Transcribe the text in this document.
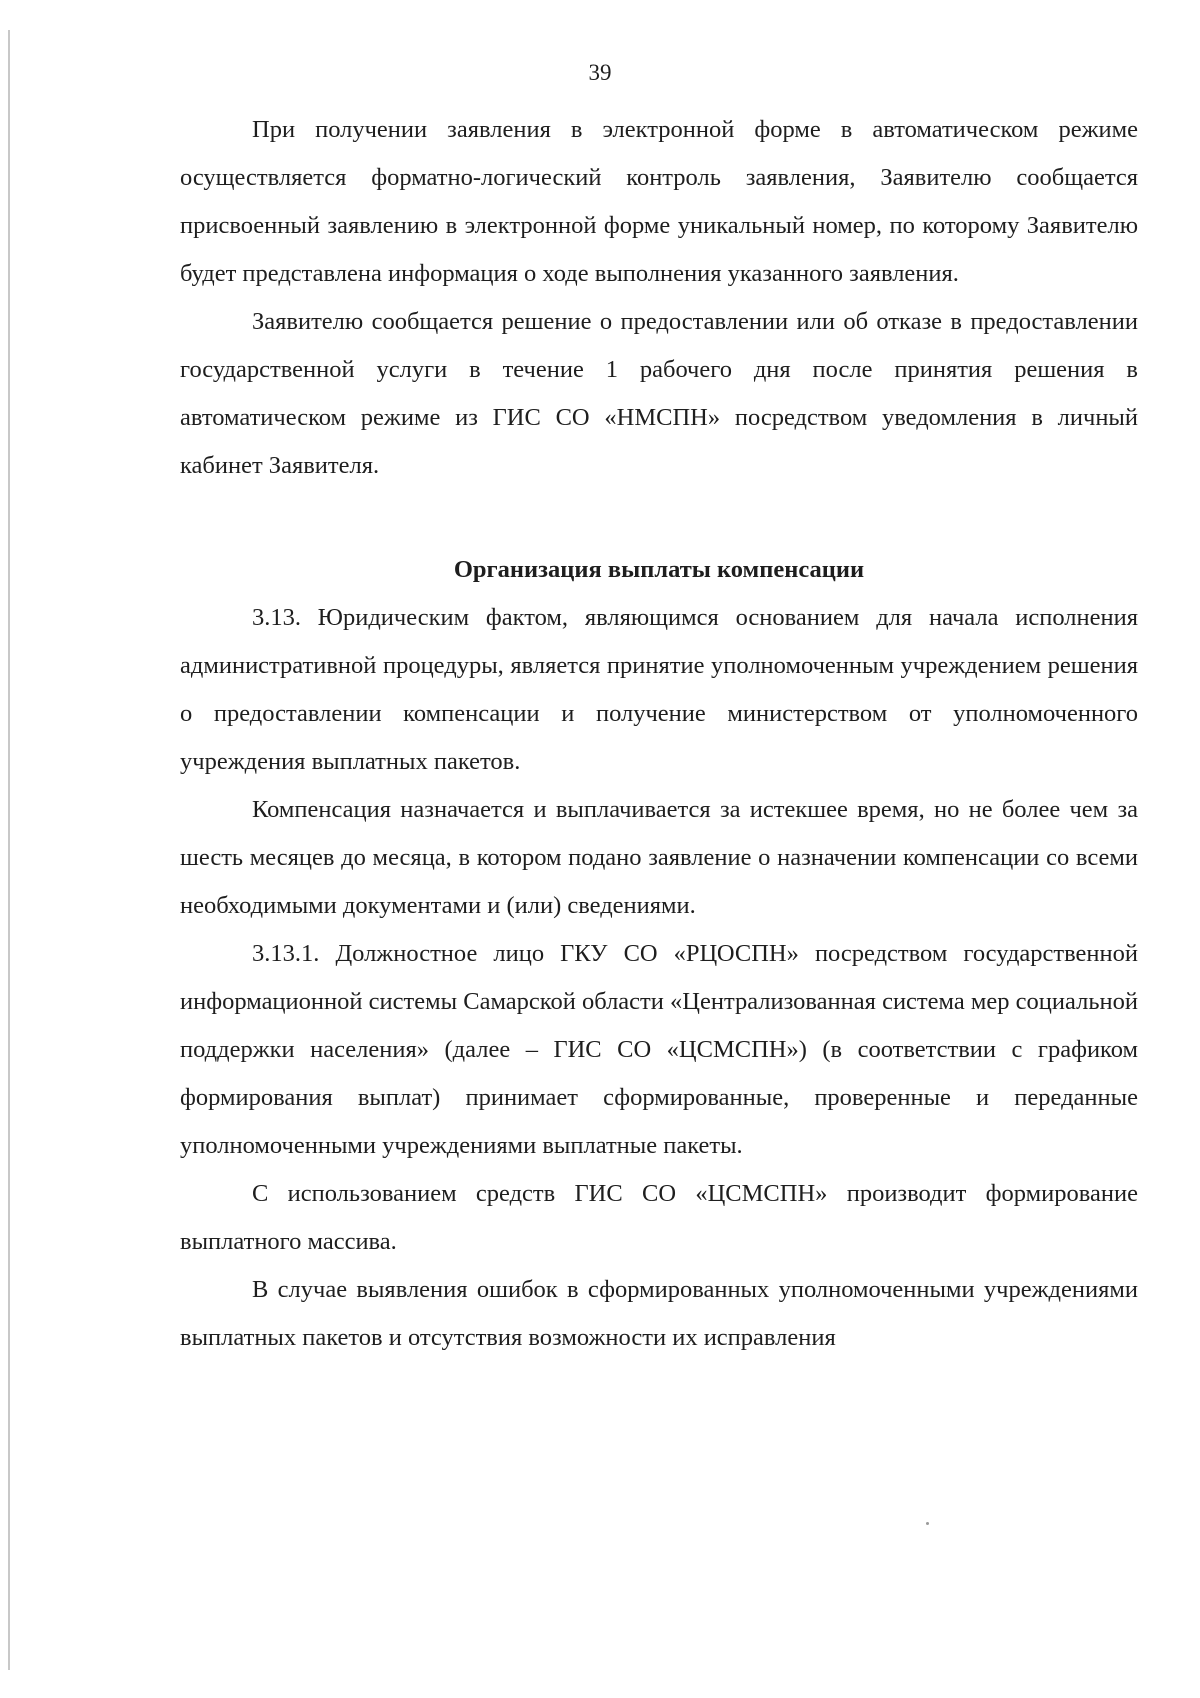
39

При получении заявления в электронной форме в автоматическом режиме осуществляется форматно-логический контроль заявления, Заявителю сообщается присвоенный заявлению в электронной форме уникальный номер, по которому Заявителю будет представлена информация о ходе выполнения указанного заявления.

Заявителю сообщается решение о предоставлении или об отказе в предоставлении государственной услуги в течение 1 рабочего дня после принятия решения в автоматическом режиме из ГИС СО «НМСПН» посредством уведомления в личный кабинет Заявителя.

Организация выплаты компенсации

3.13. Юридическим фактом, являющимся основанием для начала исполнения административной процедуры, является принятие уполномоченным учреждением решения о предоставлении компенсации и получение министерством от уполномоченного учреждения выплатных пакетов.

Компенсация назначается и выплачивается за истекшее время, но не более чем за шесть месяцев до месяца, в котором подано заявление о назначении компенсации со всеми необходимыми документами и (или) сведениями.

3.13.1. Должностное лицо ГКУ СО «РЦОСПН» посредством государственной информационной системы Самарской области «Централизованная система мер социальной поддержки населения» (далее – ГИС СО «ЦСМСПН») (в соответствии с графиком формирования выплат) принимает сформированные, проверенные и переданные уполномоченными учреждениями выплатные пакеты.

С использованием средств ГИС СО «ЦСМСПН» производит формирование выплатного массива.

В случае выявления ошибок в сформированных уполномоченными учреждениями выплатных пакетов и отсутствия возможности их исправления
